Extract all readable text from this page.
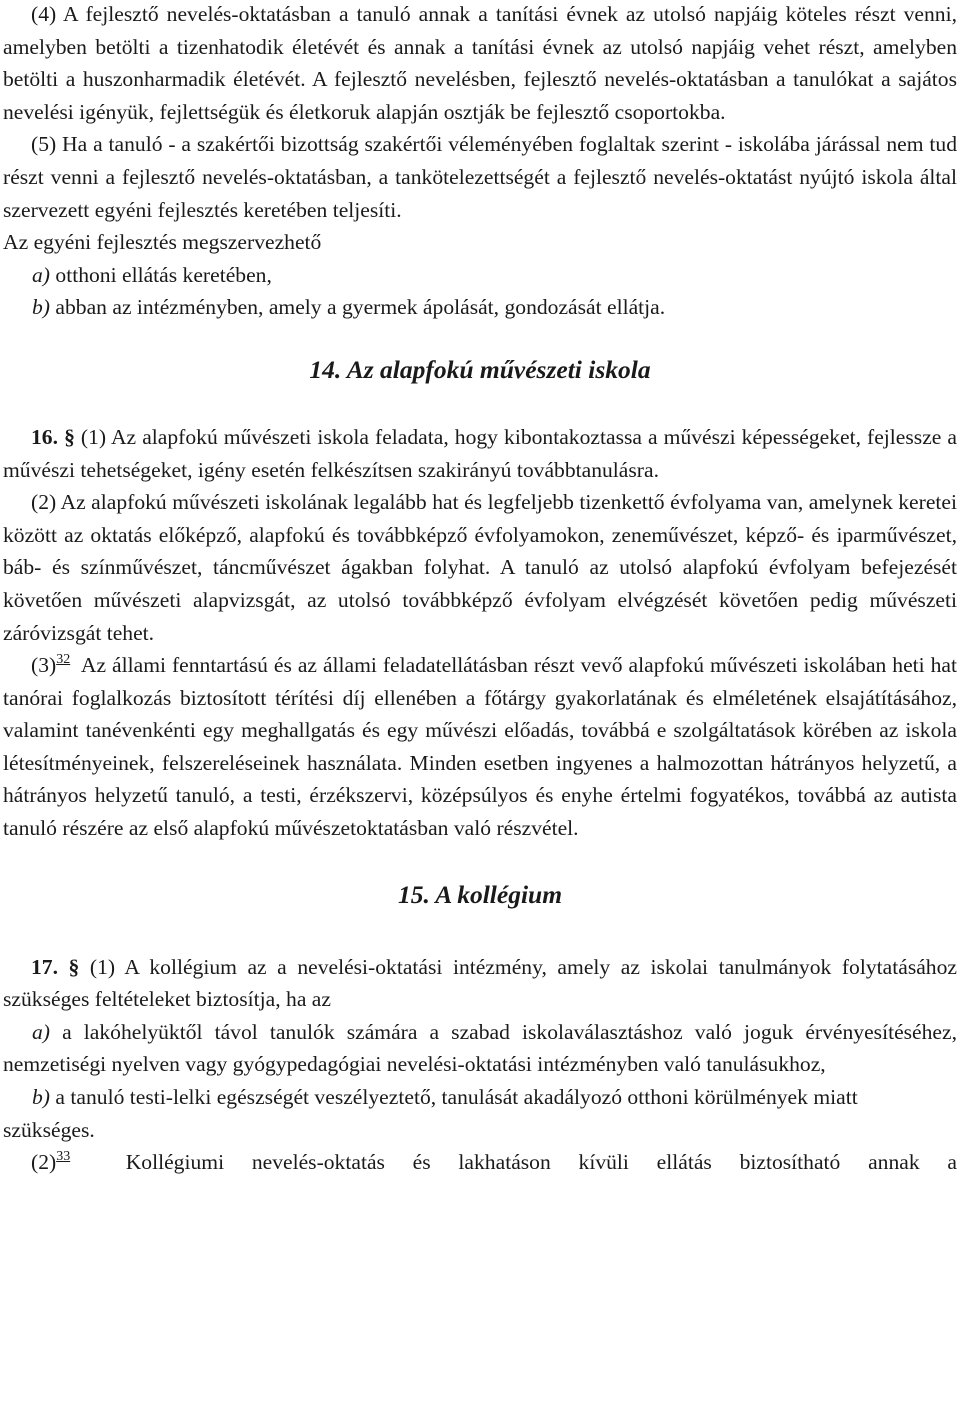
(4) A fejlesztő nevelés-oktatásban a tanuló annak a tanítási évnek az utolsó napjáig köteles részt venni, amelyben betölti a tizenhatodik életévét és annak a tanítási évnek az utolsó napjáig vehet részt, amelyben betölti a huszonharmadik életévét. A fejlesztő nevelésben, fejlesztő nevelés-oktatásban a tanulókat a sajátos nevelési igényük, fejlettségük és életkoruk alapján osztják be fejlesztő csoportokba.

(5) Ha a tanuló - a szakértői bizottság szakértői véleményében foglaltak szerint - iskolába járással nem tud részt venni a fejlesztő nevelés-oktatásban, a tankötelezettségét a fejlesztő nevelés-oktatást nyújtó iskola által szervezett egyéni fejlesztés keretében teljesíti.

Az egyéni fejlesztés megszervezhető

a) otthoni ellátás keretében,

b) abban az intézményben, amely a gyermek ápolását, gondozását ellátja.

14. Az alapfokú művészeti iskola

16. § (1) Az alapfokú művészeti iskola feladata, hogy kibontakoztassa a művészi képességeket, fejlessze a művészi tehetségeket, igény esetén felkészítsen szakirányú továbbtanulásra.

(2) Az alapfokú művészeti iskolának legalább hat és legfeljebb tizenkettő évfolyama van, amelynek keretei között az oktatás előképző, alapfokú és továbbképző évfolyamokon, zeneművészet, képző- és iparművészet, báb- és színművészet, táncművészet ágakban folyhat. A tanuló az utolsó alapfokú évfolyam befejezését követően művészeti alapvizsgát, az utolsó továbbképző évfolyam elvégzését követően pedig művészeti záróvizsgát tehet.

(3)$^{32}$ Az állami fenntartású és az állami feladatellátásban részt vevő alapfokú művészeti iskolában heti hat tanórai foglalkozás biztosított térítési díj ellenében a főtárgy gyakorlatának és elméletének elsajátításához, valamint tanévenkénti egy meghallgatás és egy művészi előadás, továbbá e szolgáltatások körében az iskola létesítményeinek, felszereléseinek használata. Minden esetben ingyenes a halmozottan hátrányos helyzetű, a hátrányos helyzetű tanuló, a testi, érzékszervi, középsúlyos és enyhe értelmi fogyatékos, továbbá az autista tanuló részére az első alapfokú művészetoktatásban való részvétel.

15. A kollégium

17. § (1) A kollégium az a nevelési-oktatási intézmény, amely az iskolai tanulmányok folytatásához szükséges feltételeket biztosítja, ha az

a) a lakóhelyüktől távol tanulók számára a szabad iskolaválasztáshoz való joguk érvényesítéséhez, nemzetiségi nyelven vagy gyógypedagógiai nevelési-oktatási intézményben való tanulásukhoz,

b) a tanuló testi-lelki egészségét veszélyeztető, tanulását akadályozó otthoni körülmények miatt

szükséges.

(2)$^{33}$	Kollégiumi nevelés-oktatás és lakhatáson kívüli ellátás biztosítható annak a
